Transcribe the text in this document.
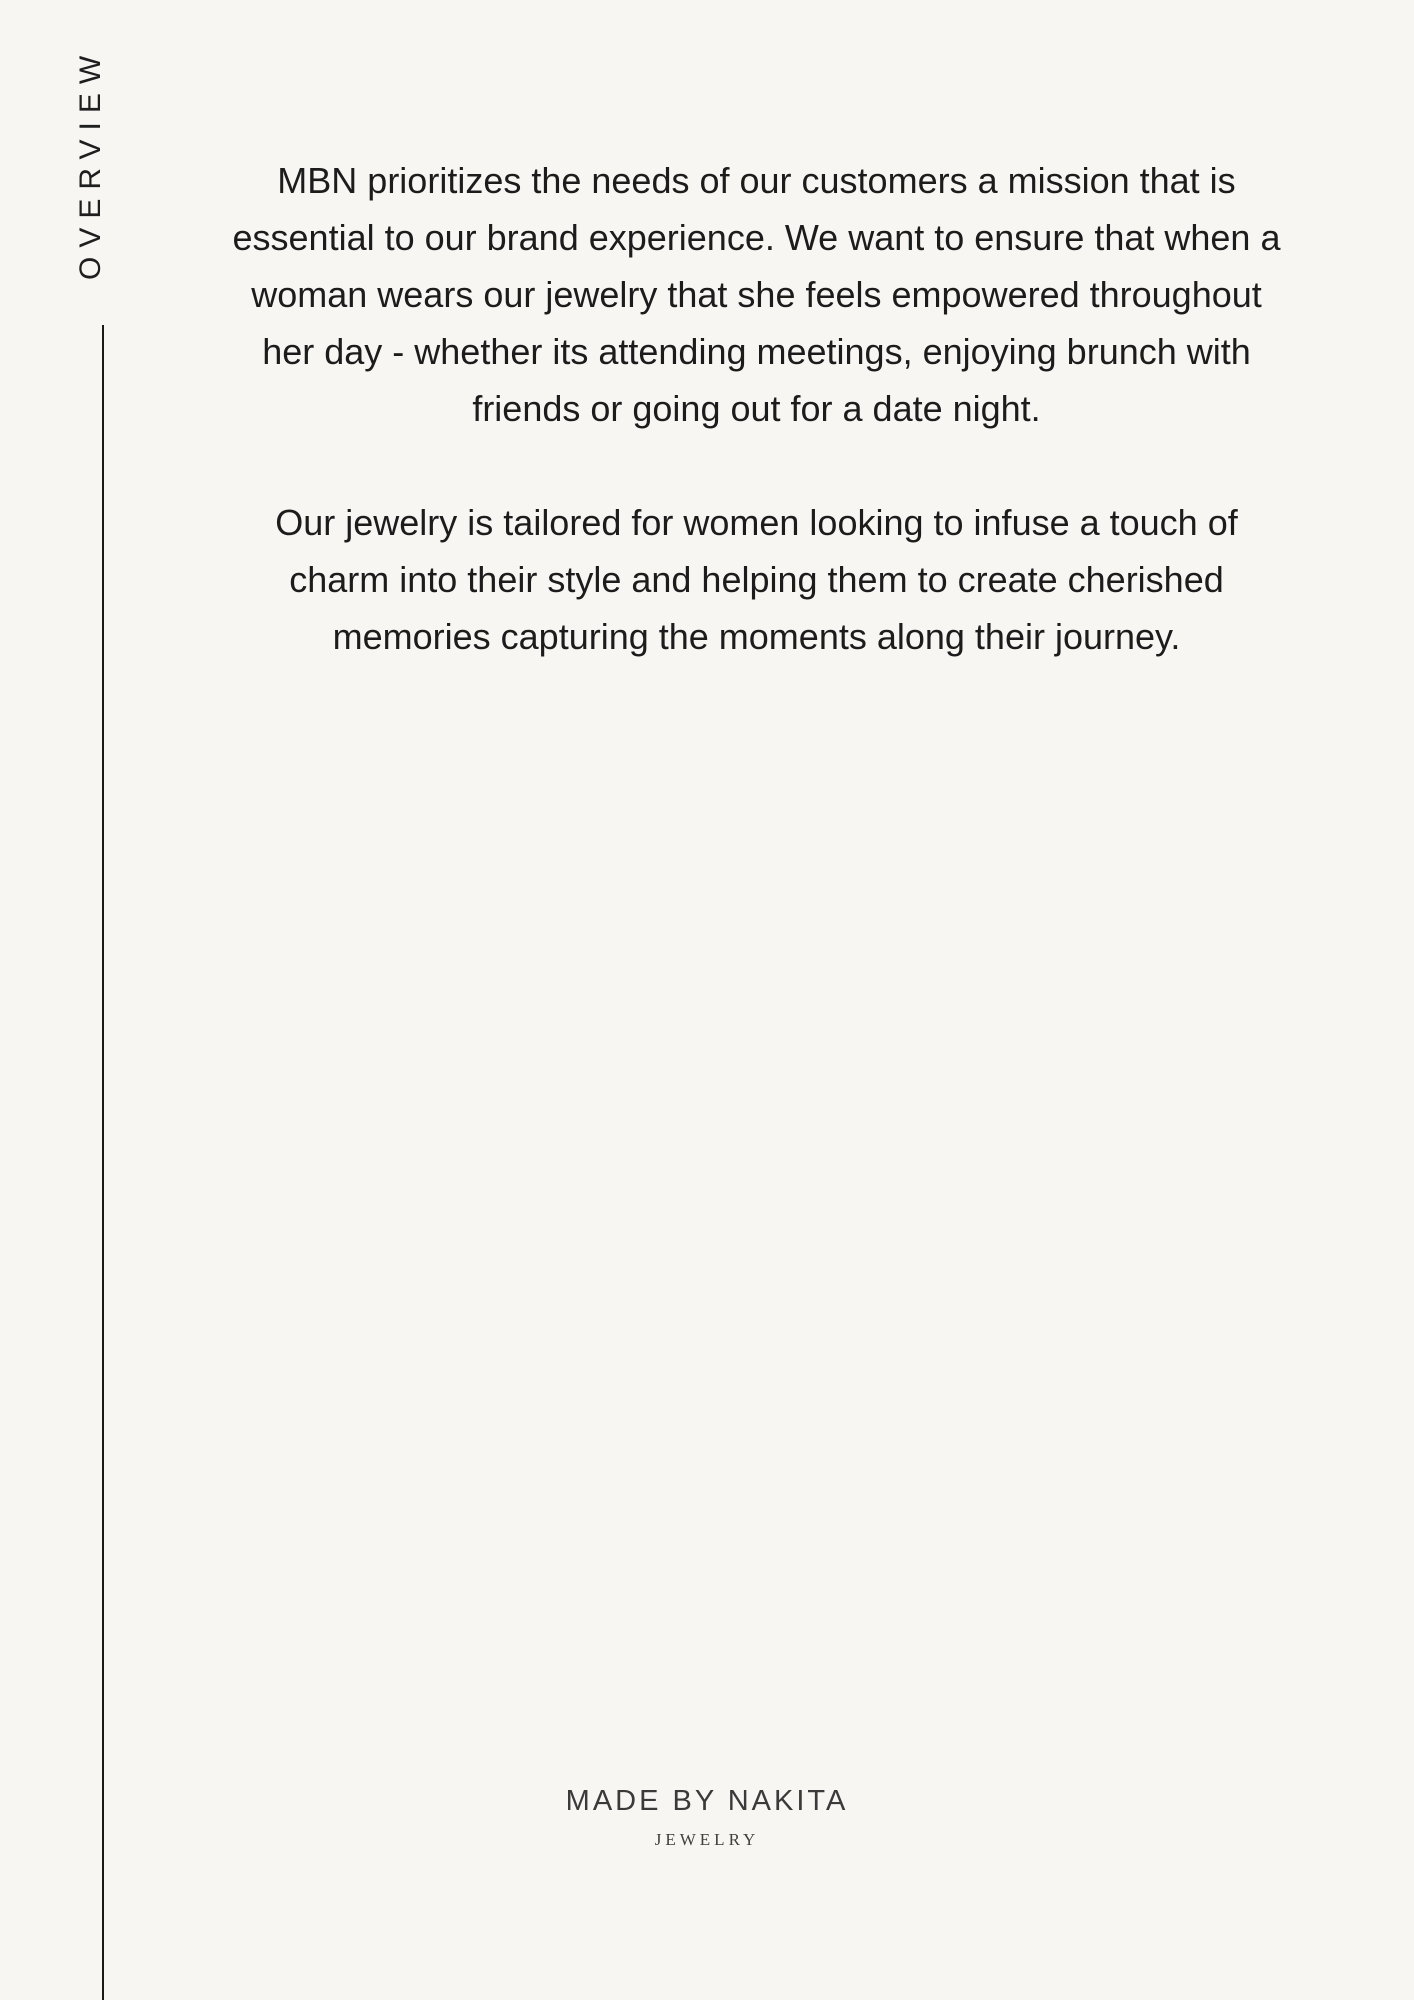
OVERVIEW	MBN prioritizes the needs of our customers a mission that is essential to our brand experience. We want to ensure that when a woman wears our jewelry that she feels empowered throughout her day - whether its attending meetings, enjoying brunch with friends or going out for a date night.

Our jewelry is tailored for women looking to infuse a touch of charm into their style and helping them to create cherished memories capturing the moments along their journey.

MADE BY NAKITA
JEWELRY
